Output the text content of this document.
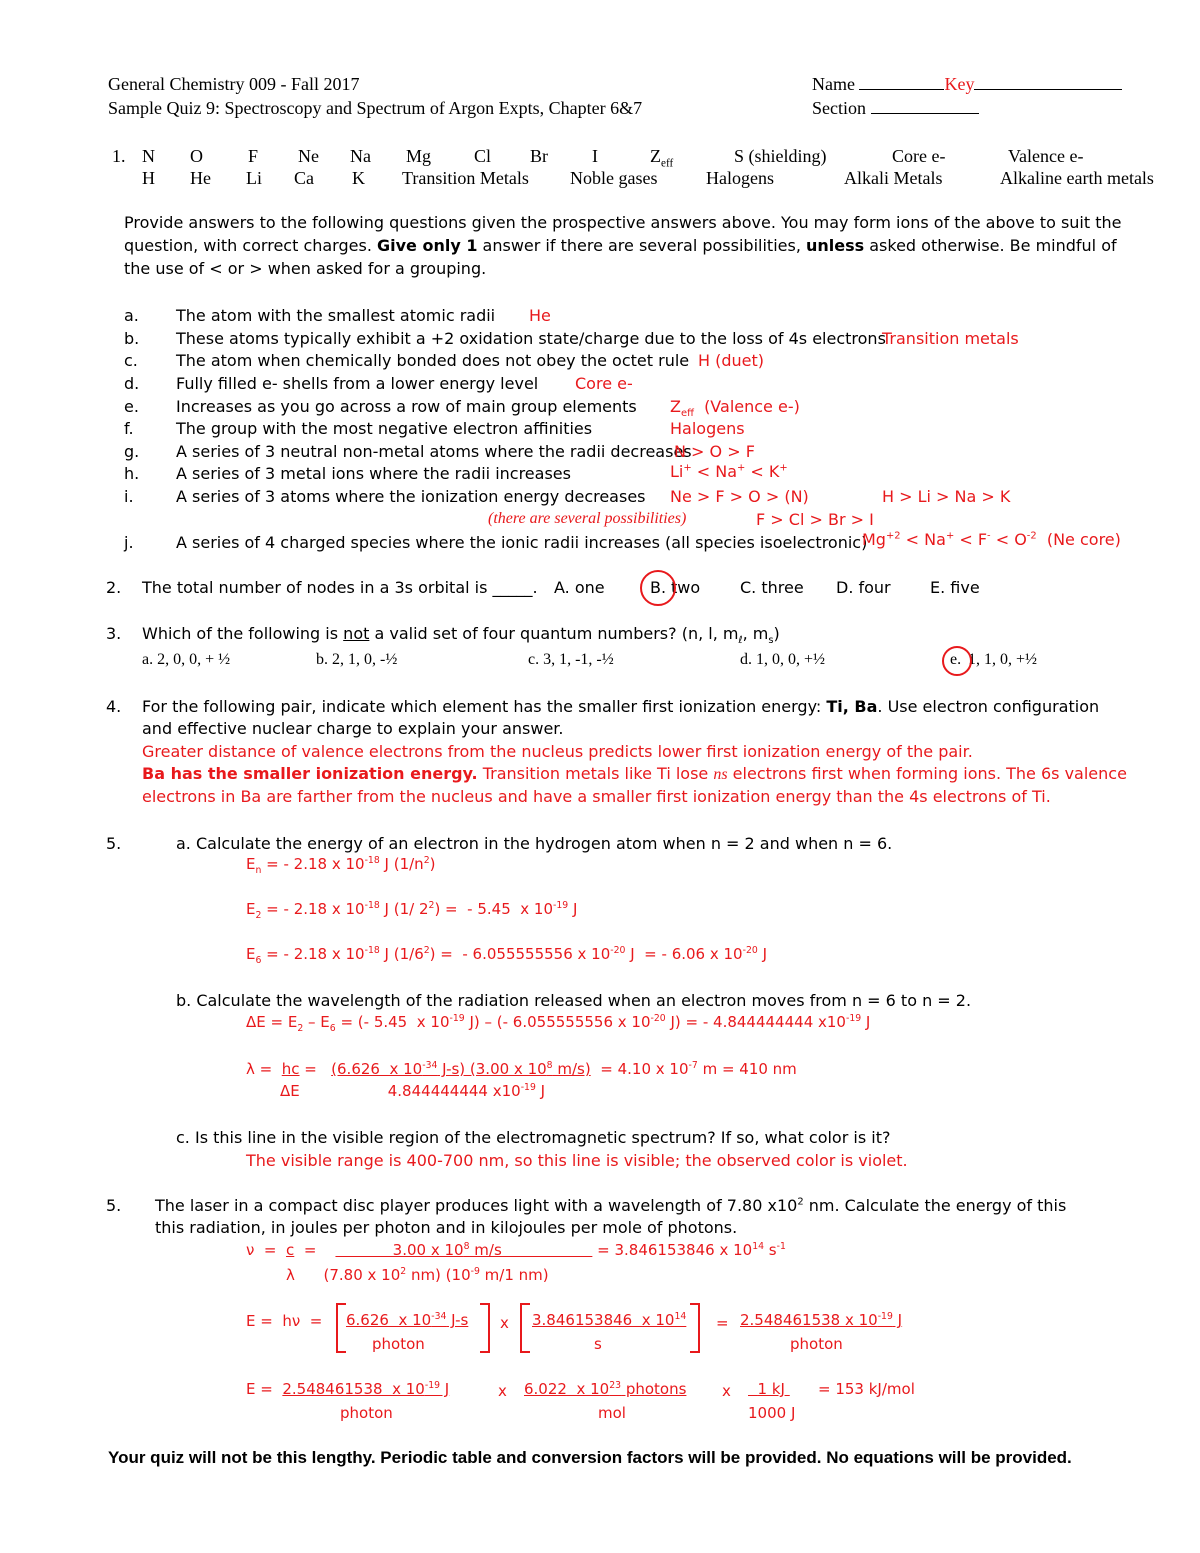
General Chemistry 009 - Fall 2017
Sample Quiz 9: Spectroscopy and Spectrum of Argon Expts, Chapter 6&7
Name	Key
Section
1. N O	F Ne Na Mg Cl Br I	$Z_{eff}$	S (shielding)	Core e-	Valence e-
H He Li Ca K Transition Metals Noble gases	Halogens	Alkali Metals	Alkaline earth metals
Provide answers to the following questions given the prospective answers above. You may form ions of the above to suit the
question, with correct charges. Give only 1 answer if there are several possibilities, unless asked otherwise. Be mindful of
the use of < or > when asked for a grouping.
a. The atom with the smallest atomic radii He
b. These atoms typically exhibit a +2 oxidation state/charge due to the loss of 4s electrons
Transition metals
c. The atom when chemically bonded does not obey the octet rule H (duet)
d. Fully filled e- shells from a lower energy level Core e-
e. Increases as you go across a row of main group elements $Z_{eff}$ (Valence e-)
f.	The group with the most negative electron affinities	Halogens
g. A series of 3 neutral non-metal atoms where the radii decreases
N > O > F
h. A series of 3 metal ions where the radii increases	Li+ < Na+ < K+
i.	A series of 3 atoms where the ionization energy decreases Ne > F > O > (N)	H > Li > Na > K
(there are several possibilities)	F > Cl > Br > I
j.	A series of 4 charged species where the ionic radii increases (all species isoelectronic)
$Mg^{+2} < Na^+ < F^- < O^{-2}$ (Ne core)
2. The total number of nodes in a 3s orbital is _____. A. one	B. two C. three D. four E. five
3. Which of the following is not a valid set of four quantum numbers? (n, l, $m_\ell$, $m_s$)
a. 2, 0, 0, + ½	b. 2, 1, 0, -½	c. 3, 1, -1, -½	d. 1, 0, 0, +½	e. 1, 1, 0, +½
4. For the following pair, indicate which element has the smaller first ionization energy: Ti, Ba. Use electron configuration
and effective nuclear charge to explain your answer.
Greater distance of valence electrons from the nucleus predicts lower first ionization energy of the pair.
Ba has the smaller ionization energy. Transition metals like Ti lose ns electrons first when forming ions. The 6s valence
electrons in Ba are farther from the nucleus and have a smaller first ionization energy than the 4s electrons of Ti.
5.	a. Calculate the energy of an electron in the hydrogen atom when n = 2 and when n = 6.
$E_n$ = - 2.18 x $10^{-18}$ J $(1/n^2)$
$E_2$ = - 2.18 x $10^{-18}$ J (1/ $2^2$) =  - 5.45  x $10^{-19}$ J
$E_6$ = - 2.18 x $10^{-18}$ J $(1/6^2)$ =  - 6.055555556 x $10^{-20}$ J  = - 6.06 x $10^{-20}$ J
b. Calculate the wavelength of the radiation released when an electron moves from n = 6 to n = 2.
$\Delta E = E_2 - E_6$ = (- 5.45  x $10^{-19}$ J) – (- 6.055555556 x $10^{-20}$ J) = - 4.844444444 $x10^{-19}$ J
λ =  hc =   (6.626  x $10^{-34}$ J-s) (3.00 x $10^8$ m/s) = 4.10 x $10^{-7}$ m = 410 nm
ΔE	4.844444444 $x10^{-19}$ J
c. Is this line in the visible region of the electromagnetic spectrum? If so, what color is it?
The visible range is 400-700 nm, so this line is visible; the observed color is violet.
5. The laser in a compact disc player produces light with a wavelength of 7.80 $x10^2$ nm. Calculate the energy of this
this radiation, in joules per photon and in kilojoules per mole of photons.
ν  =  c  =                3.00 x $10^8$ m/s                    = 3.846153846 x $10^{14}$ $s^{-1}$
λ      (7.80 x $10^2$ nm) ($10^{-9}$ m/1 nm)
E =  hν  = 6.626  x $10^{-34}$ J-s
photon
x 3.846153846  x $10^{14}$
s
= 2.548461538 x $10^{-19}$ J
photon
E =  2.548461538  x $10^{-19}$ J
photon
x 6.022  x $10^{23}$ photons
mol
x	1 kJ
1000 J
= 153 kJ/mol
Your quiz will not be this lengthy. Periodic table and conversion factors will be provided. No equations will be provided.
